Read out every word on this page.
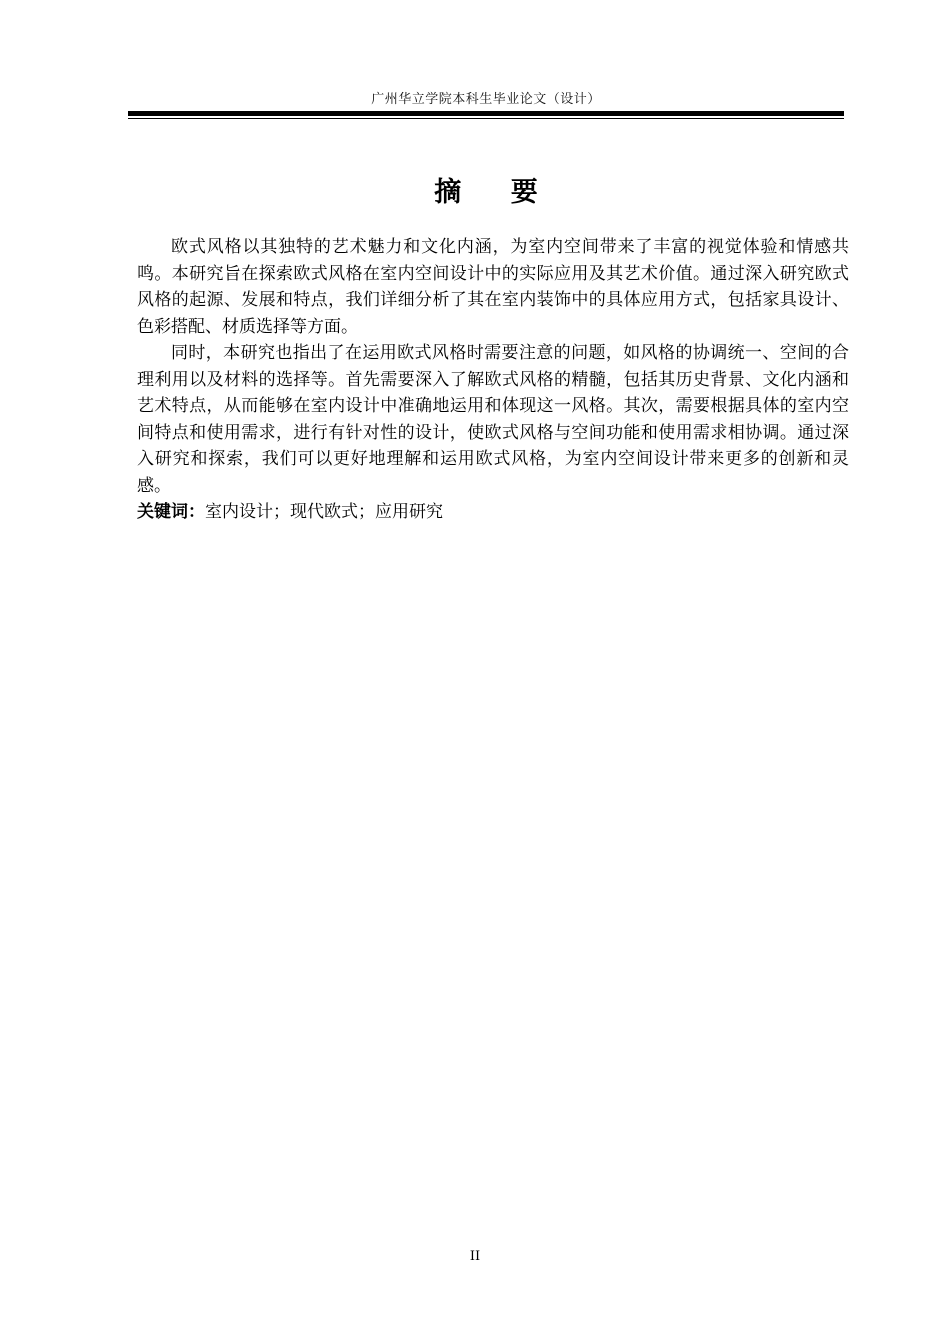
广州华立学院本科生毕业论文（设计）
摘 要

欧式风格以其独特的艺术魅力和文化内涵，为室内空间带来了丰富的视觉体验和情感共鸣。本研究旨在探索欧式风格在室内空间设计中的实际应用及其艺术价值。通过深入研究欧式风格的起源、发展和特点，我们详细分析了其在室内装饰中的具体应用方式，包括家具设计、色彩搭配、材质选择等方面。

同时，本研究也指出了在运用欧式风格时需要注意的问题，如风格的协调统一、空间的合理利用以及材料的选择等。首先需要深入了解欧式风格的精髓，包括其历史背景、文化内涵和艺术特点，从而能够在室内设计中准确地运用和体现这一风格。其次，需要根据具体的室内空间特点和使用需求，进行有针对性的设计，使欧式风格与空间功能和使用需求相协调。通过深入研究和探索，我们可以更好地理解和运用欧式风格，为室内空间设计带来更多的创新和灵感。

关键词：室内设计；现代欧式；应用研究
II
